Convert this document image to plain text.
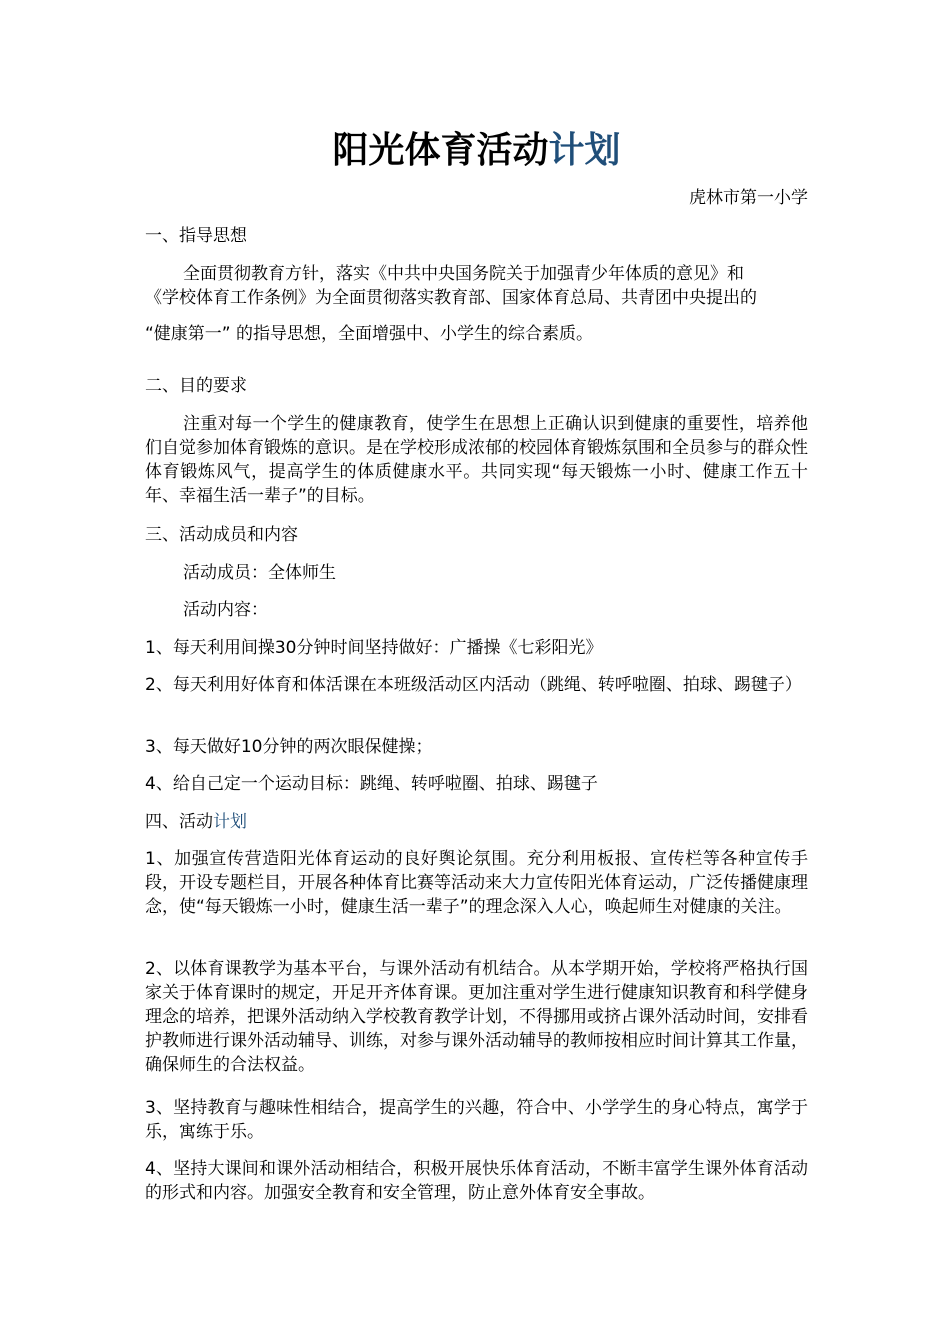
阳光体育活动计划
虎林市第一小学
一、指导思想
全面贯彻教育方针，落实《中共中央国务院关于加强青少年体质的意见》和
《学校体育工作条例》为全面贯彻落实教育部、国家体育总局、共青团中央提出的
“健康第一” 的指导思想，全面增强中、小学生的综合素质。
二、目的要求
注重对每一个学生的健康教育，使学生在思想上正确认识到健康的重要性，培养他们自觉参加体育锻炼的意识。是在学校形成浓郁的校园体育锻炼氛围和全员参与的群众性体育锻炼风气，提高学生的体质健康水平。共同实现“每天锻炼一小时、健康工作五十年、幸福生活一辈子”的目标。
三、活动成员和内容
活动成员：全体师生
活动内容：
1、每天利用间操30分钟时间坚持做好：广播操《七彩阳光》
2、每天利用好体育和体活课在本班级活动区内活动（跳绳、转呼啦圈、拍球、踢毽子）
3、每天做好10分钟的两次眼保健操；
4、给自己定一个运动目标：跳绳、转呼啦圈、拍球、踢毽子
四、活动计划
1、加强宣传营造阳光体育运动的良好舆论氛围。充分利用板报、宣传栏等各种宣传手段，开设专题栏目，开展各种体育比赛等活动来大力宣传阳光体育运动，广泛传播健康理念，使“每天锻炼一小时，健康生活一辈子”的理念深入人心，唤起师生对健康的关注。
2、以体育课教学为基本平台，与课外活动有机结合。从本学期开始，学校将严格执行国家关于体育课时的规定，开足开齐体育课。更加注重对学生进行健康知识教育和科学健身理念的培养，把课外活动纳入学校教育教学计划，不得挪用或挤占课外活动时间，安排看护教师进行课外活动辅导、训练，对参与课外活动辅导的教师按相应时间计算其工作量，确保师生的合法权益。
3、坚持教育与趣味性相结合，提高学生的兴趣，符合中、小学学生的身心特点，寓学于乐，寓练于乐。
4、坚持大课间和课外活动相结合，积极开展快乐体育活动，不断丰富学生课外体育活动的形式和内容。加强安全教育和安全管理，防止意外体育安全事故。
